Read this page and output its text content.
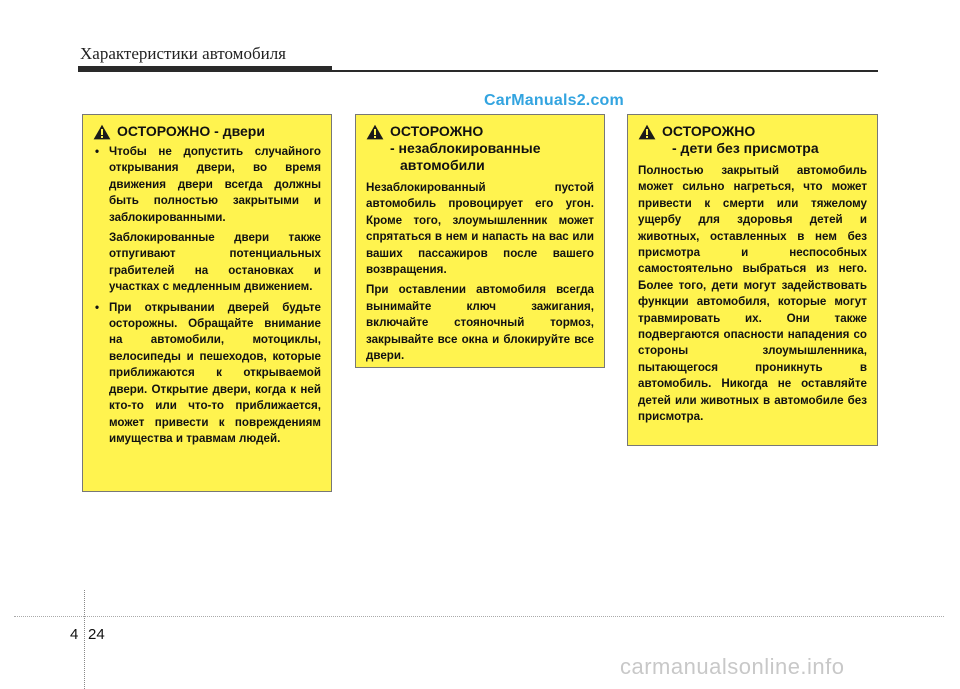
Характеристики автомобиля
CarManuals2.com
ОСТОРОЖНО - двери

• Чтобы не допустить случайного открывания двери, во время движения двери всегда должны быть полностью закрытыми и заблокированными.

Заблокированные двери также отпугивают потенциальных грабителей на остановках и участках с медленным движением.

• При открывании дверей будьте осторожны. Обращайте внимание на автомобили, мотоциклы, велосипеды и пешеходов, которые приближаются к открываемой двери. Открытие двери, когда к ней кто-то или что-то приближается, может привести к повреждениям имущества и травмам людей.

ОСТОРОЖНО
- незаблокированные
автомобили

Незаблокированный пустой автомобиль провоцирует его угон. Кроме того, злоумышленник может спрятаться в нем и напасть на вас или ваших пассажиров после вашего возвращения.

При оставлении автомобиля всегда вынимайте ключ зажигания, включайте стояночный тормоз, закрывайте все окна и блокируйте все двери.

ОСТОРОЖНО
- дети без присмотра

Полностью закрытый автомобиль может сильно нагреться, что может привести к смерти или тяжелому ущербу для здоровья детей и животных, оставленных в нем без присмотра и неспособных самостоятельно выбраться из него. Более того, дети могут задействовать функции автомобиля, которые могут травмировать их. Они также подвергаются опасности нападения со стороны злоумышленника, пытающегося проникнуть в автомобиль. Никогда не оставляйте детей или животных в автомобиле без присмотра.

4 24
carmanualsonline.info
